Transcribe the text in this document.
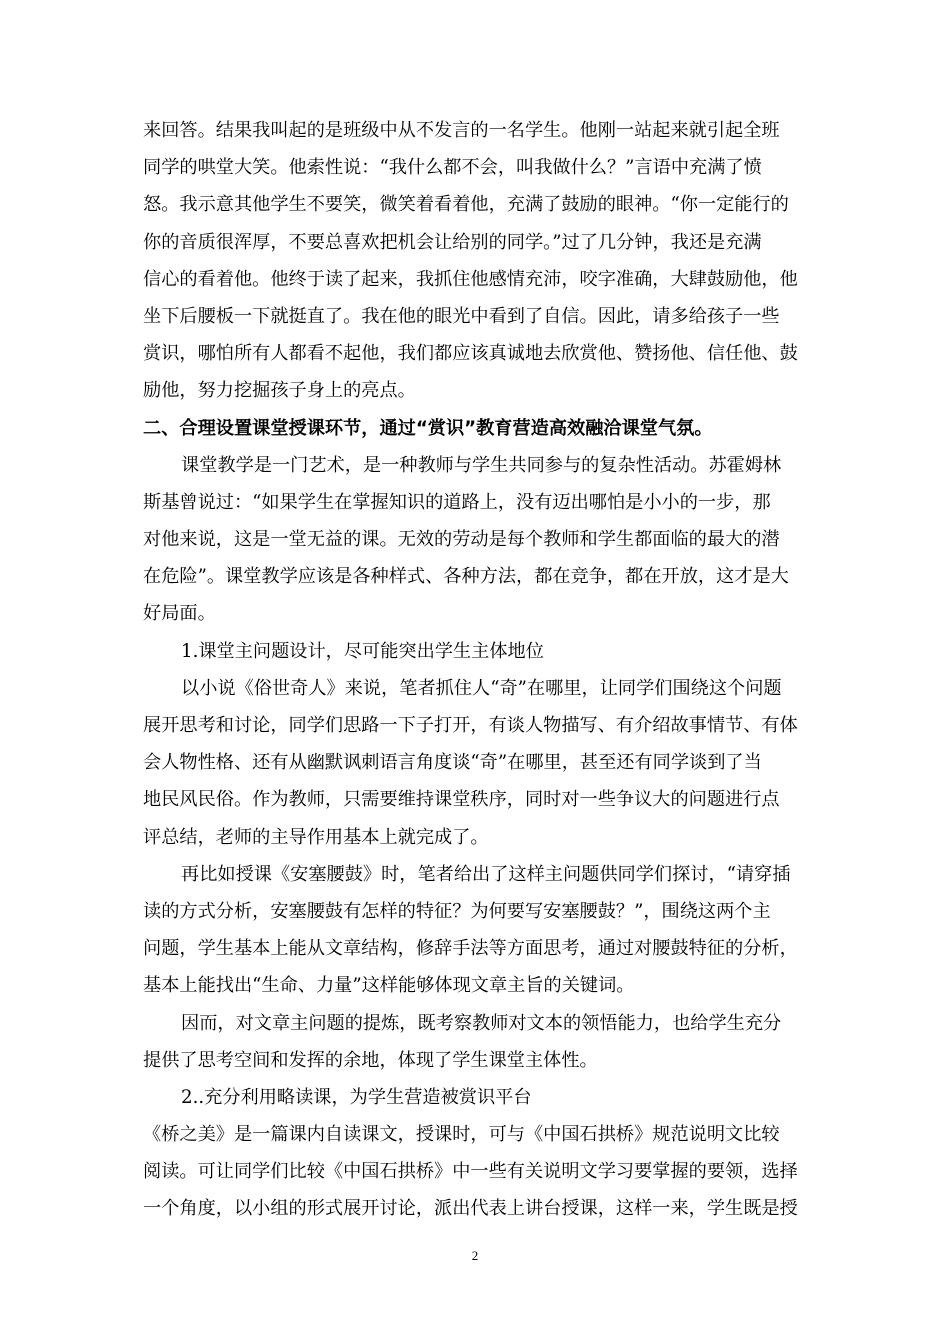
来回答。结果我叫起的是班级中从不发言的一名学生。他刚一站起来就引起全班
同学的哄堂大笑。他索性说：“我什么都不会，叫我做什么？”言语中充满了愤
怒。我示意其他学生不要笑，微笑着看着他，充满了鼓励的眼神。“你一定能行的
你的音质很浑厚，不要总喜欢把机会让给别的同学。”过了几分钟，我还是充满
信心的看着他。他终于读了起来，我抓住他感情充沛，咬字准确，大肆鼓励他，他
坐下后腰板一下就挺直了。我在他的眼光中看到了自信。因此，请多给孩子一些
赏识，哪怕所有人都看不起他，我们都应该真诚地去欣赏他、赞扬他、信任他、鼓
励他，努力挖掘孩子身上的亮点。
二、合理设置课堂授课环节，通过“赏识”教育营造高效融洽课堂气氛。
课堂教学是一门艺术，是一种教师与学生共同参与的复杂性活动。苏霍姆林
斯基曾说过：“如果学生在掌握知识的道路上，没有迈出哪怕是小小的一步，那
对他来说，这是一堂无益的课。无效的劳动是每个教师和学生都面临的最大的潜
在危险”。课堂教学应该是各种样式、各种方法，都在竞争，都在开放，这才是大
好局面。
1.课堂主问题设计，尽可能突出学生主体地位
以小说《俗世奇人》来说，笔者抓住人“奇”在哪里，让同学们围绕这个问题
展开思考和讨论，同学们思路一下子打开，有谈人物描写、有介绍故事情节、有体
会人物性格、还有从幽默讽刺语言角度谈“奇”在哪里，甚至还有同学谈到了当
地民风民俗。作为教师，只需要维持课堂秩序，同时对一些争议大的问题进行点
评总结，老师的主导作用基本上就完成了。
再比如授课《安塞腰鼓》时，笔者给出了这样主问题供同学们探讨，“请穿插
读的方式分析，安塞腰鼓有怎样的特征？为何要写安塞腰鼓？”，围绕这两个主
问题，学生基本上能从文章结构，修辞手法等方面思考，通过对腰鼓特征的分析，
基本上能找出“生命、力量”这样能够体现文章主旨的关键词。
因而，对文章主问题的提炼，既考察教师对文本的领悟能力，也给学生充分
提供了思考空间和发挥的余地，体现了学生课堂主体性。
2..充分利用略读课，为学生营造被赏识平台
《桥之美》是一篇课内自读课文，授课时，可与《中国石拱桥》规范说明文比较
阅读。可让同学们比较《中国石拱桥》中一些有关说明文学习要掌握的要领，选择
一个角度，以小组的形式展开讨论，派出代表上讲台授课，这样一来，学生既是授
2
